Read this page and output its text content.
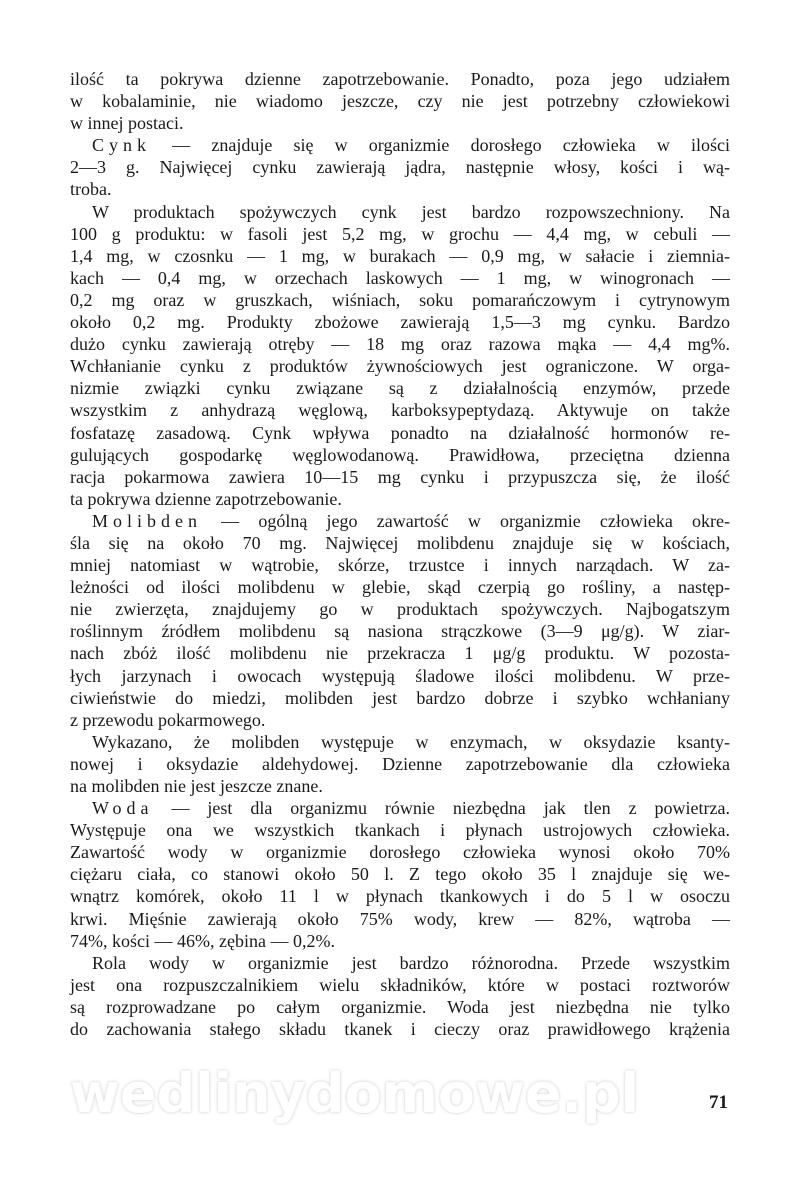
ilość ta pokrywa dzienne zapotrzebowanie. Ponadto, poza jego udziałem
w kobalaminie, nie wiadomo jeszcze, czy nie jest potrzebny człowiekowi
w innej postaci.
Cynk — znajduje się w organizmie dorosłego człowieka w ilości
2—3 g. Najwięcej cynku zawierają jądra, następnie włosy, kości i wą-
troba.
W produktach spożywczych cynk jest bardzo rozpowszechniony. Na
100 g produktu: w fasoli jest 5,2 mg, w grochu — 4,4 mg, w cebuli —
1,4 mg, w czosnku — 1 mg, w burakach — 0,9 mg, w sałacie i ziemnia-
kach — 0,4 mg, w orzechach laskowych — 1 mg, w winogronach —
0,2 mg oraz w gruszkach, wiśniach, soku pomarańczowym i cytrynowym
około 0,2 mg. Produkty zbożowe zawierają 1,5—3 mg cynku. Bardzo
dużo cynku zawierają otręby — 18 mg oraz razowa mąka — 4,4 mg%.
Wchłanianie cynku z produktów żywnościowych jest ograniczone. W orga-
nizmie związki cynku związane są z działalnością enzymów, przede
wszystkim z anhydrazą węglową, karboksypeptydazą. Aktywuje on także
fosfatazę zasadową. Cynk wpływa ponadto na działalność hormonów re-
gulujących gospodarkę węglowodanową. Prawidłowa, przeciętna dzienna
racja pokarmowa zawiera 10—15 mg cynku i przypuszcza się, że ilość
ta pokrywa dzienne zapotrzebowanie.
Molibden — ogólną jego zawartość w organizmie człowieka okre-
śla się na około 70 mg. Najwięcej molibdenu znajduje się w kościach,
mniej natomiast w wątrobie, skórze, trzustce i innych narządach. W za-
leżności od ilości molibdenu w glebie, skąd czerpią go rośliny, a następ-
nie zwierzęta, znajdujemy go w produktach spożywczych. Najbogatszym
roślinnym źródłem molibdenu są nasiona strączkowe (3—9 μg/g). W ziar-
nach zbóż ilość molibdenu nie przekracza 1 μg/g produktu. W pozosta-
łych jarzynach i owocach występują śladowe ilości molibdenu. W prze-
ciwieństwie do miedzi, molibden jest bardzo dobrze i szybko wchłaniany
z przewodu pokarmowego.
Wykazano, że molibden występuje w enzymach, w oksydazie ksanty-
nowej i oksydazie aldehydowej. Dzienne zapotrzebowanie dla człowieka
na molibden nie jest jeszcze znane.
Woda — jest dla organizmu równie niezbędna jak tlen z powietrza.
Występuje ona we wszystkich tkankach i płynach ustrojowych człowieka.
Zawartość wody w organizmie dorosłego człowieka wynosi około 70%
ciężaru ciała, co stanowi około 50 l. Z tego około 35 l znajduje się we-
wnątrz komórek, około 11 l w płynach tkankowych i do 5 l w osoczu
krwi. Mięśnie zawierają około 75% wody, krew — 82%, wątroba —
74%, kości — 46%, zębina — 0,2%.
Rola wody w organizmie jest bardzo różnorodna. Przede wszystkim
jest ona rozpuszczalnikiem wielu składników, które w postaci roztworów
są rozprowadzane po całym organizmie. Woda jest niezbędna nie tylko
do zachowania stałego składu tkanek i cieczy oraz prawidłowego krążenia
wedlinydomowe.pl	71
